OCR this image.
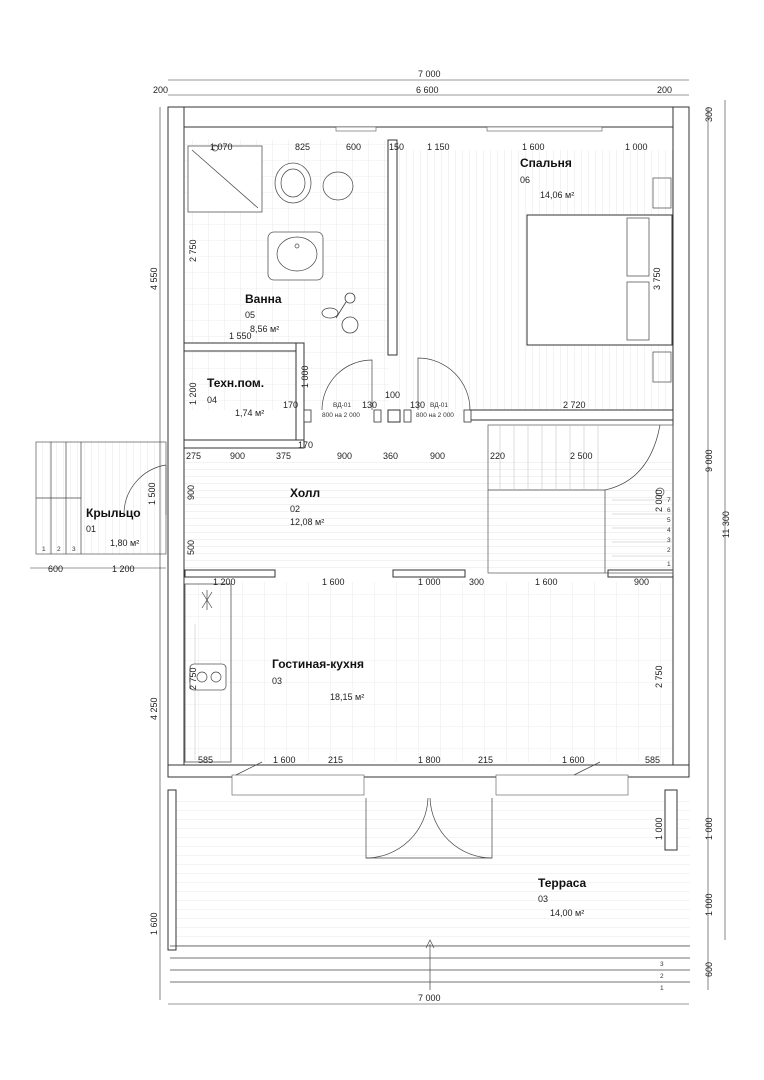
Крыльцо
01
1,80 м²
Холл
02
12,08 м²
Гостиная-кухня
03
18,15 м²
Терраса
03
14,00 м²
Техн.пом.
04
1,74 м²
Ванна
05
8,56 м²
Спальня
06
14,06 м²
ВД-01
800 на 2 000
ВД-01
800 на 2 000
1 2 3
1
2
3
7
6
5
4
3
2
1
7 000
200	6 600	200
1 070	825	600	150	1 150	1 600	1 000
1 550
170	130
100
130	2 720
170
275	900	375	900	360	900	220	2 500
600	1 200
1 200	1 600	1 000	300	1 600	900
585	1 600	215	1 800	215	1 600	585
7 000
2 750
1 000
1 200
3 750
900
500
1 500	2 000
2 750	2 750
4 550
4 250
1 600
300
9 000
11 300
1 000
1 000
600
1 000
